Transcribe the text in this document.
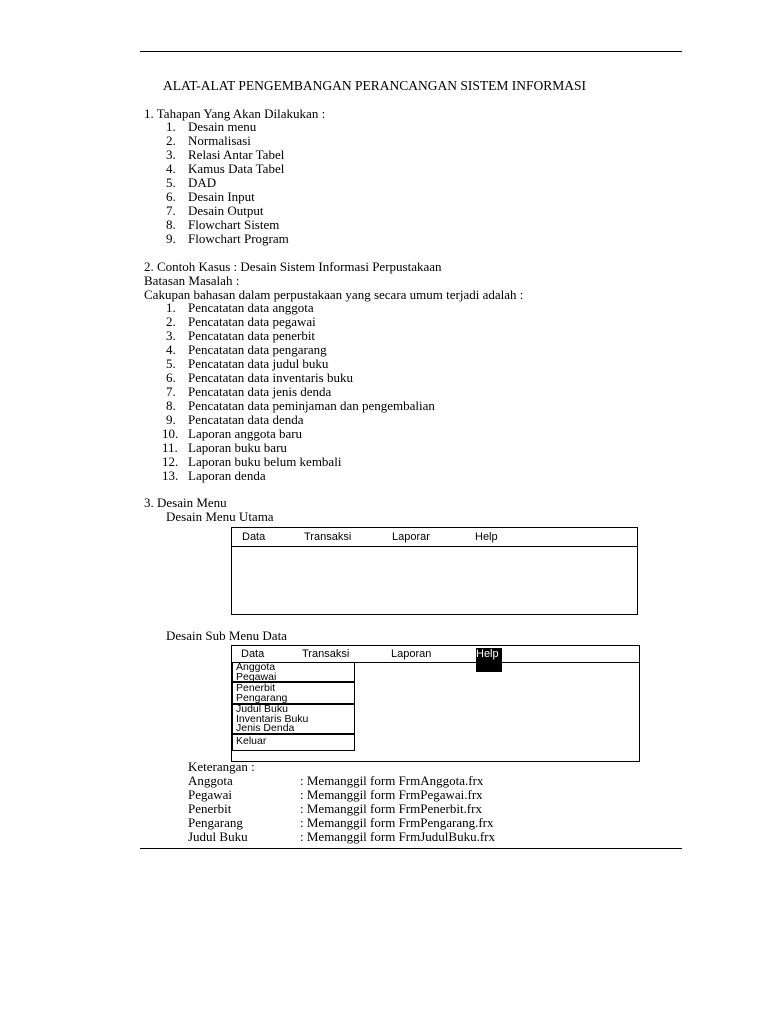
ALAT-ALAT PENGEMBANGAN PERANCANGAN SISTEM INFORMASI
1. Tahapan Yang Akan Dilakukan :
1. Desain menu
2. Normalisasi
3. Relasi Antar Tabel
4. Kamus Data Tabel
5. DAD
6. Desain Input
7. Desain Output
8. Flowchart Sistem
9. Flowchart Program
2. Contoh Kasus : Desain Sistem Informasi Perpustakaan
Batasan Masalah :
Cakupan bahasan dalam perpustakaan yang secara umum terjadi adalah :
1. Pencatatan data anggota
2. Pencatatan data pegawai
3. Pencatatan data penerbit
4. Pencatatan data pengarang
5. Pencatatan data judul buku
6. Pencatatan data inventaris buku
7. Pencatatan data jenis denda
8. Pencatatan data peminjaman dan pengembalian
9. Pencatatan data denda
10. Laporan anggota baru
11. Laporan buku baru
12. Laporan buku belum kembali
13. Laporan denda
3. Desain Menu
Desain Menu Utama
Data	Transaksi	Laporar	Help
Desain Sub Menu Data
Data	Transaksi	Laporan	Help
Anggota
Pegawai
Penerbit
Pengarang
Judul Buku
Inventaris Buku
Jenis Denda
Keluar
Keterangan :
Anggota	: Memanggil form FrmAnggota.frx
Pegawai	: Memanggil form FrmPegawai.frx
Penerbit	: Memanggil form FrmPenerbit.frx
Pengarang	: Memanggil form FrmPengarang.frx
Judul Buku	: Memanggil form FrmJudulBuku.frx
